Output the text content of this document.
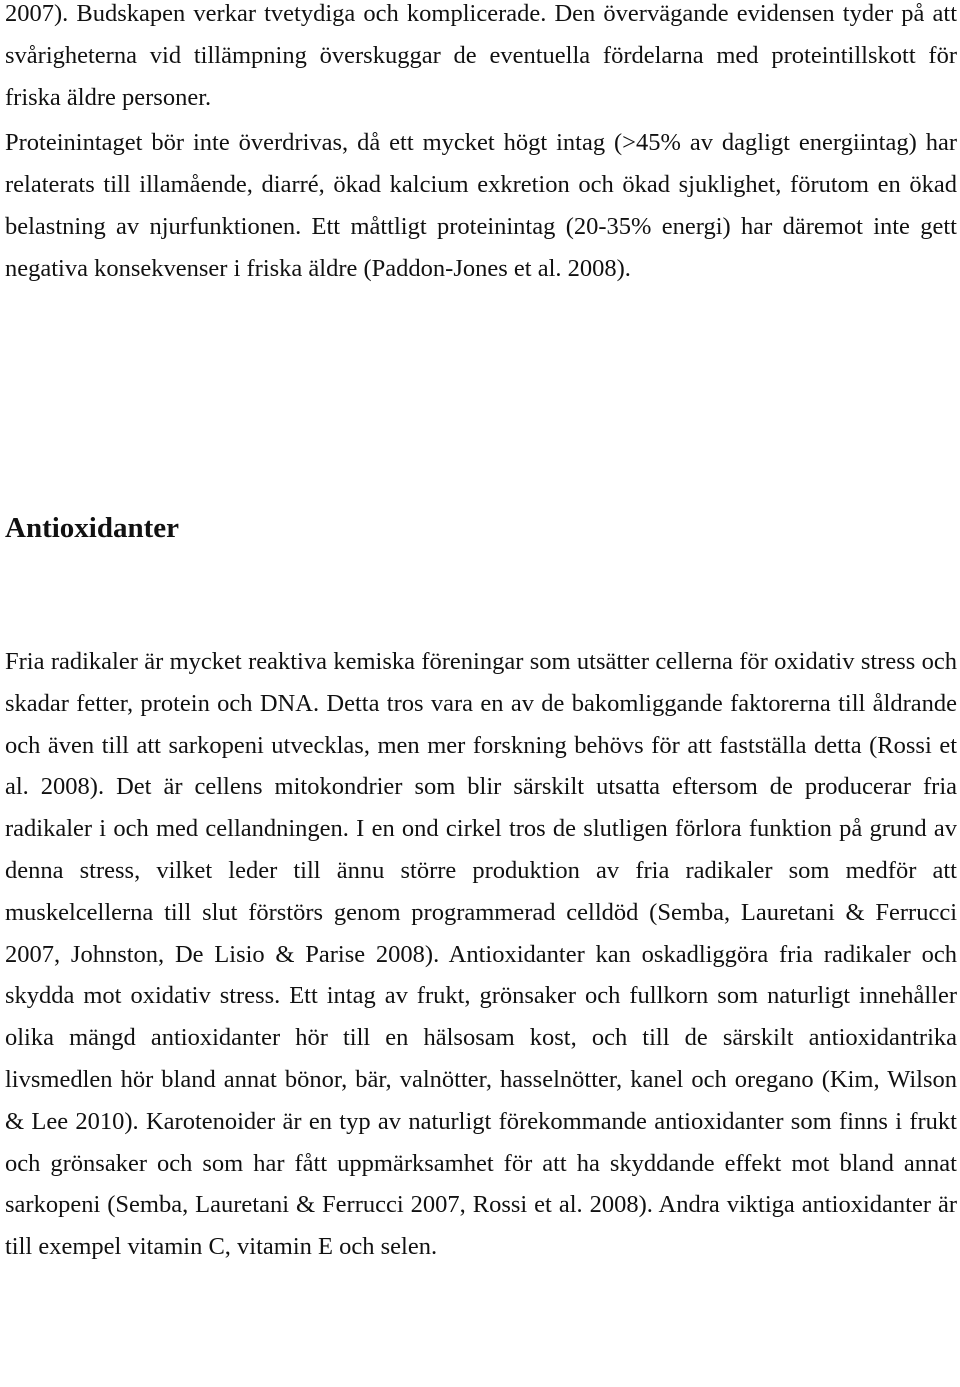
2007). Budskapen verkar tvetydiga och komplicerade. Den övervägande evidensen tyder på att svårigheterna vid tillämpning överskuggar de eventuella fördelarna med proteintillskott för friska äldre personer.

Proteinintaget bör inte överdrivas, då ett mycket högt intag (>45% av dagligt energiintag) har relaterats till illamående, diarré, ökad kalcium exkretion och ökad sjuklighet, förutom en ökad belastning av njurfunktionen. Ett måttligt proteinintag (20-35% energi) har däremot inte gett negativa konsekvenser i friska äldre (Paddon-Jones et al. 2008).

Antioxidanter

Fria radikaler är mycket reaktiva kemiska föreningar som utsätter cellerna för oxidativ stress och skadar fetter, protein och DNA. Detta tros vara en av de bakomliggande faktorerna till åldrande och även till att sarkopeni utvecklas, men mer forskning behövs för att fastställa detta (Rossi et al. 2008). Det är cellens mitokondrier som blir särskilt utsatta eftersom de producerar fria radikaler i och med cellandningen. I en ond cirkel tros de slutligen förlora funktion på grund av denna stress, vilket leder till ännu större produktion av fria radikaler som medför att muskelcellerna till slut förstörs genom programmerad celldöd (Semba, Lauretani & Ferrucci 2007, Johnston, De Lisio & Parise 2008). Antioxidanter kan oskadliggöra fria radikaler och skydda mot oxidativ stress. Ett intag av frukt, grönsaker och fullkorn som naturligt innehåller olika mängd antioxidanter hör till en hälsosam kost, och till de särskilt antioxidantrika livsmedlen hör bland annat bönor, bär, valnötter, hasselnötter, kanel och oregano (Kim, Wilson & Lee 2010). Karotenoider är en typ av naturligt förekommande antioxidanter som finns i frukt och grönsaker och som har fått uppmärksamhet för att ha skyddande effekt mot bland annat sarkopeni (Semba, Lauretani & Ferrucci 2007, Rossi et al. 2008). Andra viktiga antioxidanter är till exempel vitamin C, vitamin E och selen.
